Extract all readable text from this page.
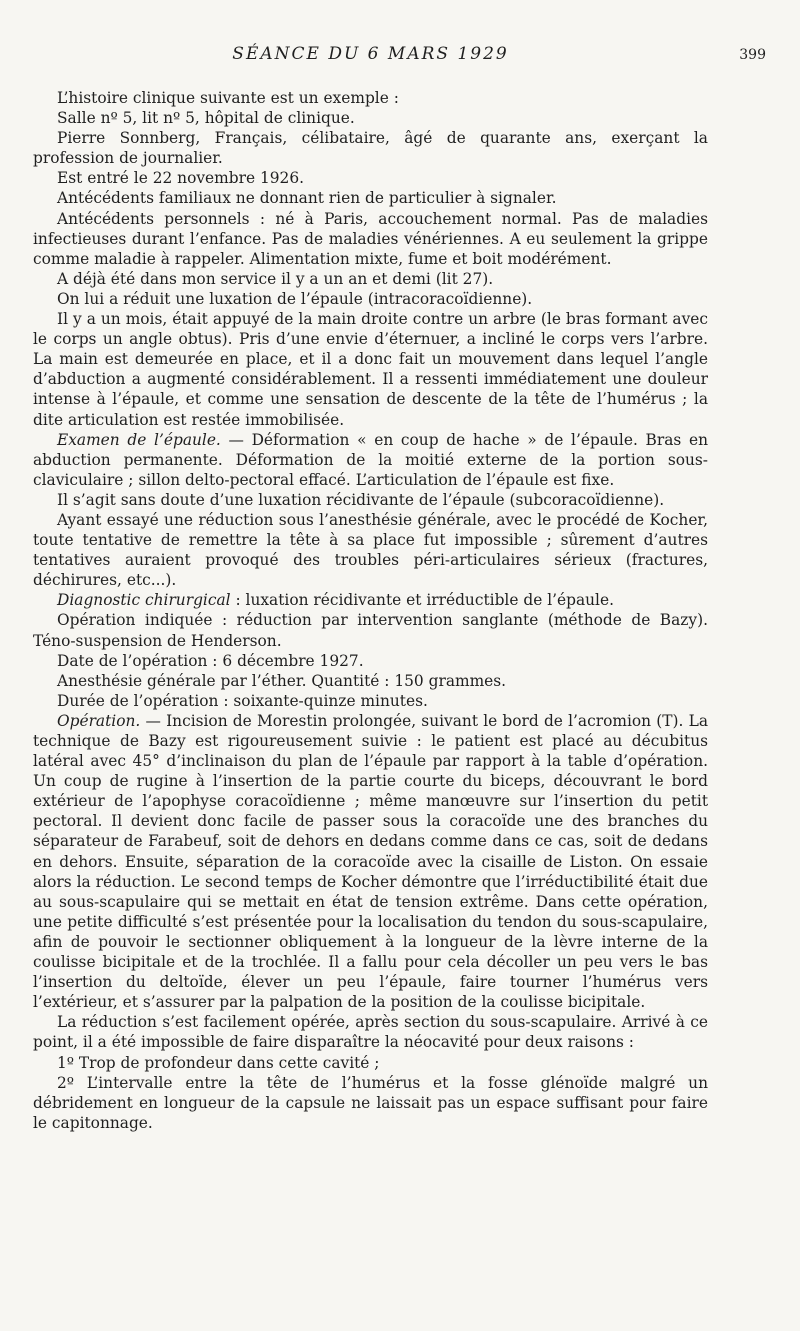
SÉANCE DU 6 MARS 1929	399

L’histoire clinique suivante est un exemple :

Salle nº 5, lit nº 5, hôpital de clinique.

Pierre Sonnberg, Français, célibataire, âgé de quarante ans, exerçant la profession de journalier.

Est entré le 22 novembre 1926.

Antécédents familiaux ne donnant rien de particulier à signaler.

Antécédents personnels : né à Paris, accouchement normal. Pas de maladies infectieuses durant l’enfance. Pas de maladies vénériennes. A eu seulement la grippe comme maladie à rappeler. Alimentation mixte, fume et boit modérément.

A déjà été dans mon service il y a un an et demi (lit 27).

On lui a réduit une luxation de l’épaule (intracoracoïdienne).

Il y a un mois, était appuyé de la main droite contre un arbre (le bras formant avec le corps un angle obtus). Pris d’une envie d’éternuer, a incliné le corps vers l’arbre. La main est demeurée en place, et il a donc fait un mouvement dans lequel l’angle d’abduction a augmenté considérablement. Il a ressenti immédiatement une douleur intense à l’épaule, et comme une sensation de descente de la tête de l’humérus ; la dite articulation est restée immobilisée.

Examen de l’épaule. — Déformation « en coup de hache » de l’épaule. Bras en abduction permanente. Déformation de la moitié externe de la portion sous-claviculaire ; sillon delto-pectoral effacé. L’articulation de l’épaule est fixe.

Il s’agit sans doute d’une luxation récidivante de l’épaule (subcoracoïdienne).

Ayant essayé une réduction sous l’anesthésie générale, avec le procédé de Kocher, toute tentative de remettre la tête à sa place fut impossible ; sûrement d’autres tentatives auraient provoqué des troubles péri-articulaires sérieux (fractures, déchirures, etc...).

Diagnostic chirurgical : luxation récidivante et irréductible de l’épaule.

Opération indiquée : réduction par intervention sanglante (méthode de Bazy). Téno-suspension de Henderson.

Date de l’opération : 6 décembre 1927.

Anesthésie générale par l’éther. Quantité : 150 grammes.

Durée de l’opération : soixante-quinze minutes.

Opération. — Incision de Morestin prolongée, suivant le bord de l’acromion (T). La technique de Bazy est rigoureusement suivie : le patient est placé au décubitus latéral avec 45° d’inclinaison du plan de l’épaule par rapport à la table d’opération. Un coup de rugine à l’insertion de la partie courte du biceps, découvrant le bord extérieur de l’apophyse coracoïdienne ; même manœuvre sur l’insertion du petit pectoral. Il devient donc facile de passer sous la coracoïde une des branches du séparateur de Farabeuf, soit de dehors en dedans comme dans ce cas, soit de dedans en dehors. Ensuite, séparation de la coracoïde avec la cisaille de Liston. On essaie alors la réduction. Le second temps de Kocher démontre que l’irréductibilité était due au sous-scapulaire qui se mettait en état de tension extrême. Dans cette opération, une petite difficulté s’est présentée pour la localisation du tendon du sous-scapulaire, afin de pouvoir le sectionner obliquement à la longueur de la lèvre interne de la coulisse bicipitale et de la trochlée. Il a fallu pour cela décoller un peu vers le bas l’insertion du deltoïde, élever un peu l’épaule, faire tourner l’humérus vers l’extérieur, et s’assurer par la palpation de la position de la coulisse bicipitale.

La réduction s’est facilement opérée, après section du sous-scapulaire. Arrivé à ce point, il a été impossible de faire disparaître la néocavité pour deux raisons :

1º Trop de profondeur dans cette cavité ;

2º L’intervalle entre la tête de l’humérus et la fosse glénoïde malgré un débridement en longueur de la capsule ne laissait pas un espace suffisant pour faire le capitonnage.
